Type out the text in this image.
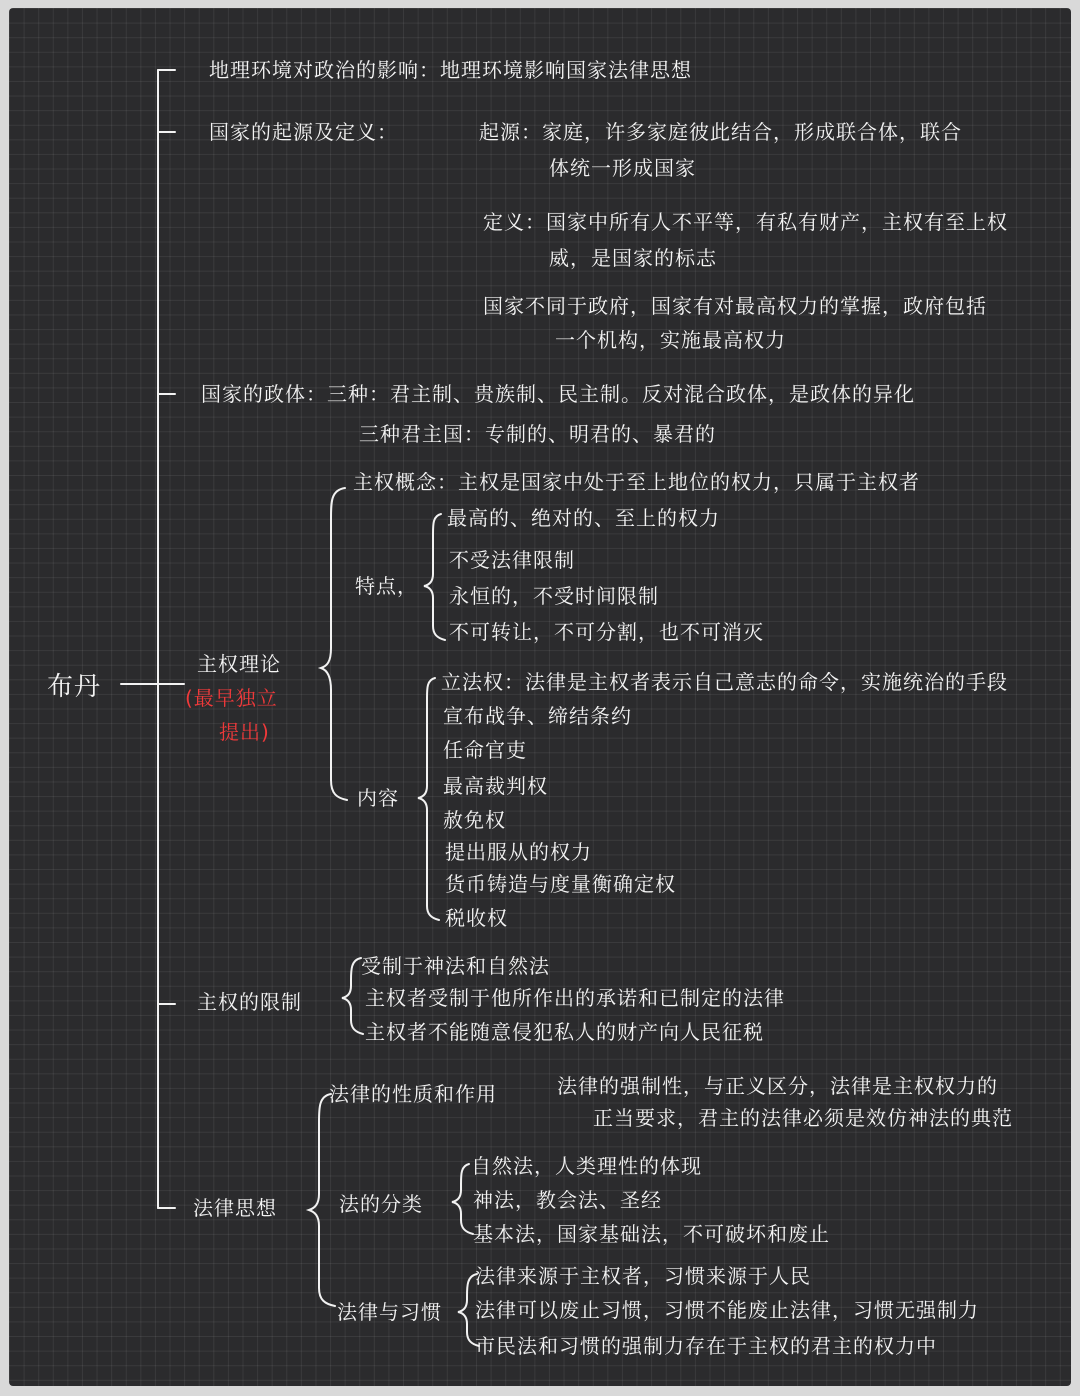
布丹
地理环境对政治的影响：地理环境影响国家法律思想
国家的起源及定义：	起源：家庭，许多家庭彼此结合，形成联合体，联合
体统一形成国家
定义：国家中所有人不平等，有私有财产，主权有至上权
威，是国家的标志
国家不同于政府，国家有对最高权力的掌握，政府包括
一个机构，实施最高权力
国家的政体：三种：君主制、贵族制、民主制。反对混合政体，是政体的异化
三种君主国：专制的、明君的、暴君的
主权理论
(最早独立
提出)
主权概念：主权是国家中处于至上地位的权力，只属于主权者
特点，
最高的、绝对的、至上的权力
不受法律限制
永恒的，不受时间限制
不可转让，不可分割，也不可消灭
内容
立法权：法律是主权者表示自己意志的命令，实施统治的手段
宣布战争、缔结条约
任命官吏
最高裁判权
赦免权
提出服从的权力
货币铸造与度量衡确定权
税收权
主权的限制
受制于神法和自然法
主权者受制于他所作出的承诺和已制定的法律
主权者不能随意侵犯私人的财产向人民征税
法律思想
法律的性质和作用	法律的强制性，与正义区分，法律是主权权力的
正当要求，君主的法律必须是效仿神法的典范
法的分类
自然法，人类理性的体现
神法，教会法、圣经
基本法，国家基础法，不可破坏和废止
法律与习惯
法律来源于主权者，习惯来源于人民
法律可以废止习惯，习惯不能废止法律，习惯无强制力
市民法和习惯的强制力存在于主权的君主的权力中
